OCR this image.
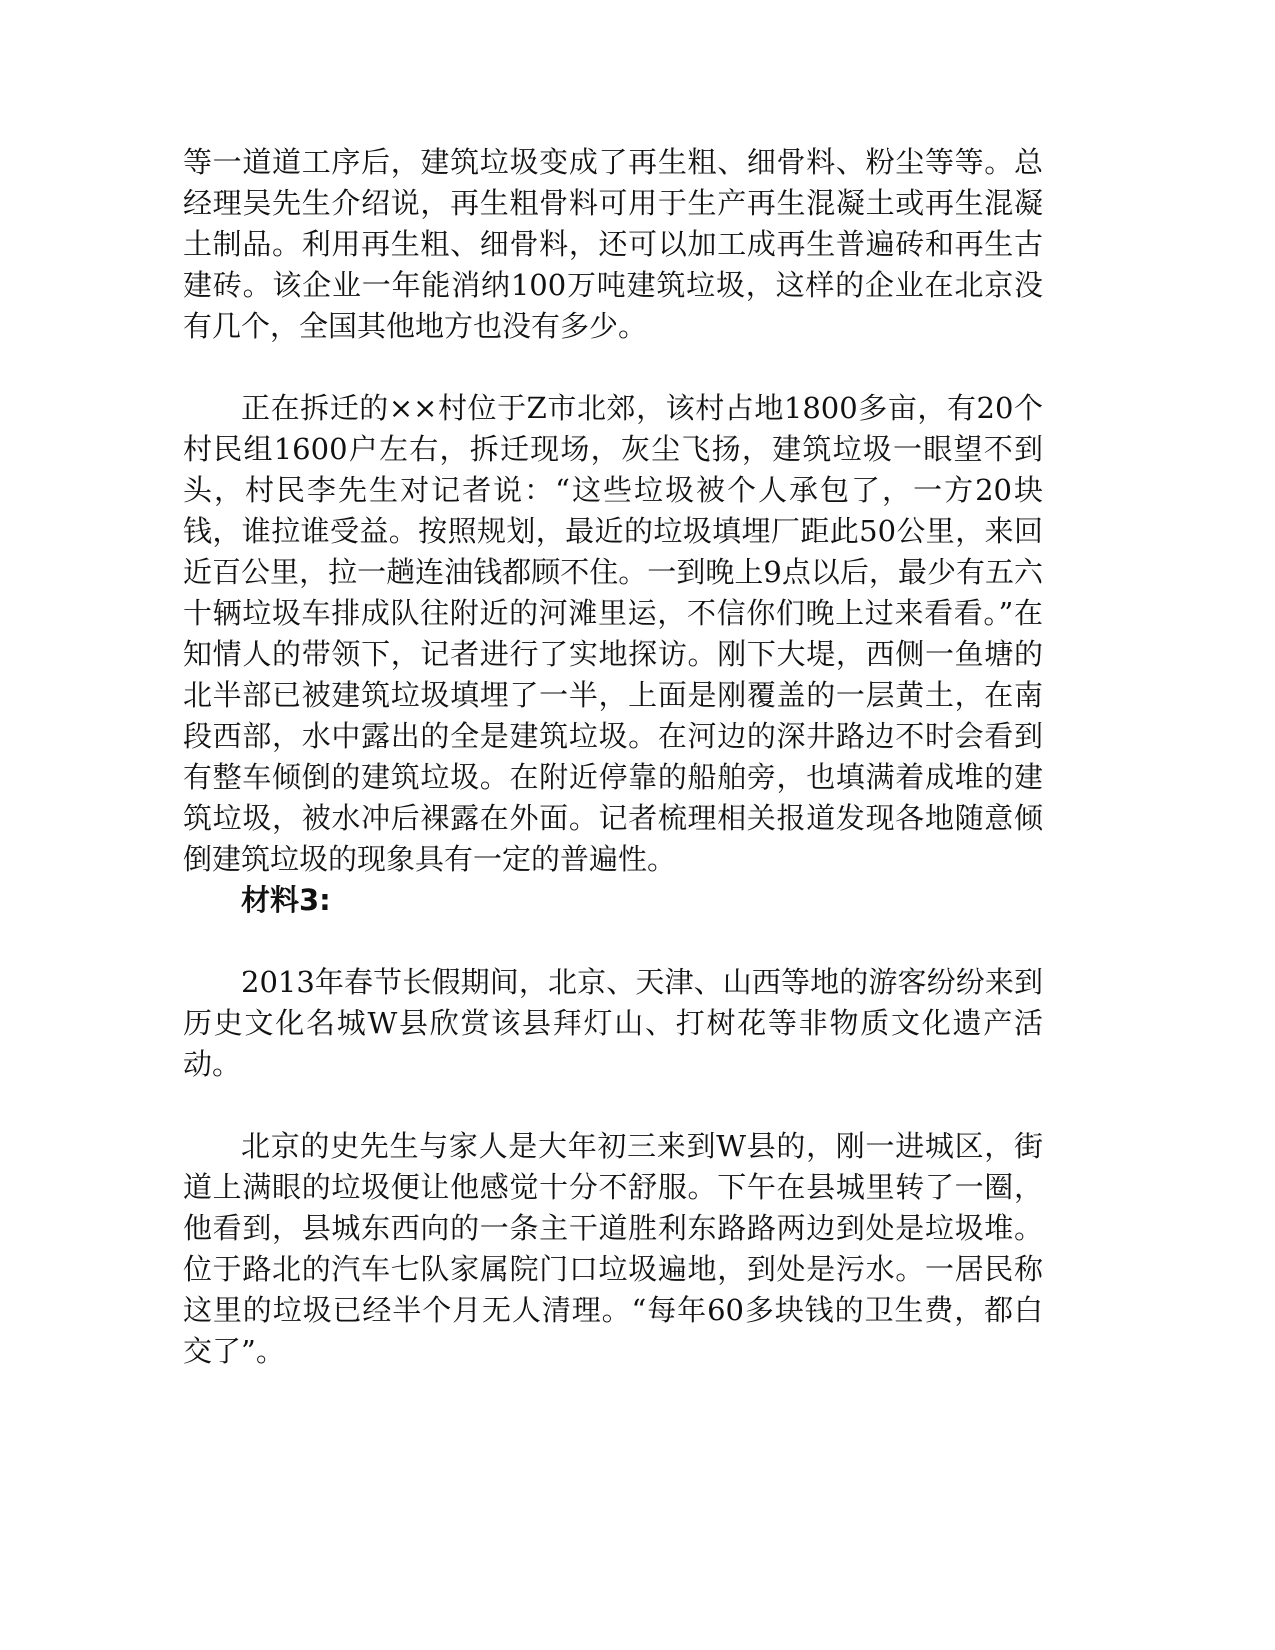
等一道道工序后，建筑垃圾变成了再生粗、细骨料、粉尘等等。总经理吴先生介绍说，再生粗骨料可用于生产再生混凝土或再生混凝土制品。利用再生粗、细骨料，还可以加工成再生普遍砖和再生古建砖。该企业一年能消纳100万吨建筑垃圾，这样的企业在北京没有几个，全国其他地方也没有多少。

正在拆迁的××村位于Z市北郊，该村占地1800多亩，有20个村民组1600户左右，拆迁现场，灰尘飞扬，建筑垃圾一眼望不到头，村民李先生对记者说：“这些垃圾被个人承包了，一方20块钱，谁拉谁受益。按照规划，最近的垃圾填埋厂距此50公里，来回近百公里，拉一趟连油钱都顾不住。一到晚上9点以后，最少有五六十辆垃圾车排成队往附近的河滩里运，不信你们晚上过来看看。”在知情人的带领下，记者进行了实地探访。刚下大堤，西侧一鱼塘的北半部已被建筑垃圾填埋了一半，上面是刚覆盖的一层黄土，在南段西部，水中露出的全是建筑垃圾。在河边的深井路边不时会看到有整车倾倒的建筑垃圾。在附近停靠的船舶旁，也填满着成堆的建筑垃圾，被水冲后裸露在外面。记者梳理相关报道发现各地随意倾倒建筑垃圾的现象具有一定的普遍性。

材料3:

2013年春节长假期间，北京、天津、山西等地的游客纷纷来到历史文化名城W县欣赏该县拜灯山、打树花等非物质文化遗产活动。

北京的史先生与家人是大年初三来到W县的，刚一进城区，街道上满眼的垃圾便让他感觉十分不舒服。下午在县城里转了一圈，他看到，县城东西向的一条主干道胜利东路路两边到处是垃圾堆。位于路北的汽车七队家属院门口垃圾遍地，到处是污水。一居民称这里的垃圾已经半个月无人清理。“每年60多块钱的卫生费，都白交了”。
